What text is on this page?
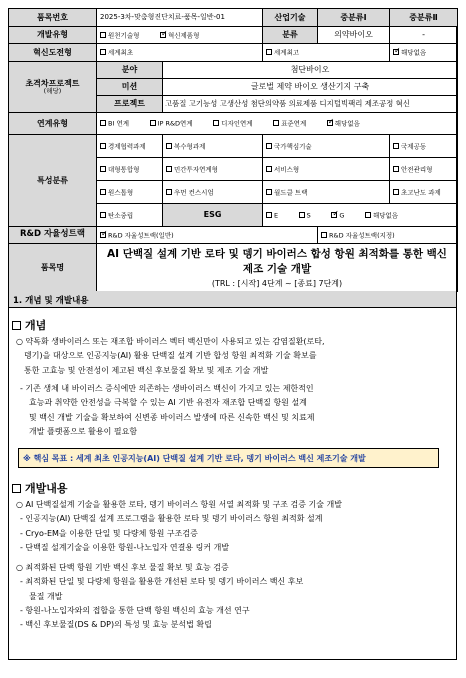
품목번호	2025-3차-맞춤형진단치료-품목-일반-01		산업기술	중분류Ⅰ	중분류Ⅱ
개발유형	원천기술형 ✓ 혁신제품형		분류	의약바이오	-
혁신도전형	세계최초		세계최고	✓해당없음
초격차프로젝트
(해당)	분야	첨단바이오			
	미션	글로벌 제약 바이오 생산기지 구축			
	프로젝트	고품질 고기능성 고생산성 첨단의약품 의료제품 디지털빅팩리 제조공정 혁신			
연계유형	BI 연계 IP R&D연계 디자인연계 표준연계 ✓ 해당없음
특성분류	경제협력과제	복수형과제	국가핵심기술		국제공동
	대형통합형	민간투자연계형	서비스형		안전관리형
	원스톱형	우먼 컨스시엄	월드클 트랙		초고난도 과제
	탄소중립	ESG	E S ✓ G 해당없음
R&D 자율성트랙	✓R&D 자율성트랙(일반)			R&D 자율성트랙(지정)	
품목명	AI 단백질 설계 기반 로타 및 뎅기 바이러스 합성 항원 최적화를 통한 백신 제조 기술 개발
(TRL : [시작] 4단계 ~ [종료] 7단계)				
1. 개념 및 개발내용
개념

○ 약독화 생바이러스 또는 재조합 바이러스 벡터 백신만이 사용되고 있는 감염질환(로타,

뎅기)을 대상으로 인공지능(AI) 활용 단백질 설계 기반 합성 항원 최적화 기술 확보를

통한 고효능 및 안전성이 제고된 백신 후보물질 확보 및 제조 기술 개발

- 기존 생체 내 바이러스 증식에만 의존하는 생바이러스 백신이 가지고 있는 제한적인

효능과 취약한 안전성을 극복할 수 있는 AI 기반 유전자 재조합 단백질 항원 설계

및 백신 개발 기술을 확보하여 신변종 바이러스 발생에 따른 신속한 백신 및 치료제

개발 플랫폼으로 활용이 필요함

※ 핵심 목표 : 세계 최초 인공지능(AI) 단백질 설계 기반 로타, 뎅기 바이러스 백신 제조기술 개발
개발내용

○ AI 단백질설계 기술을 활용한 로타, 뎅기 바이러스 항원 서열 최적화 및 구조 검증 기술 개발

- 인공지능(AI) 단백질 설계 프로그램을 활용한 로타 및 뎅기 바이러스 항원 최적화 설계

- Cryo-EM을 이용한 단일 및 다량체 항원 구조검증

- 단백질 설계기술을 이용한 항원-나노입자 연결용 링커 개발

○ 최적화된 단백 항원 기반 백신 후보 물질 확보 및 효능 검증

- 최적화된 단일 및 다량체 항원을 활용한 개선된 로타 및 뎅기 바이러스 백신 후보

물질 개발

- 항원-나노입자와의 접합을 통한 단백 항원 백신의 효능 개선 연구

- 백신 후보물질(DS & DP)의 특성 및 효능 분석법 확립
